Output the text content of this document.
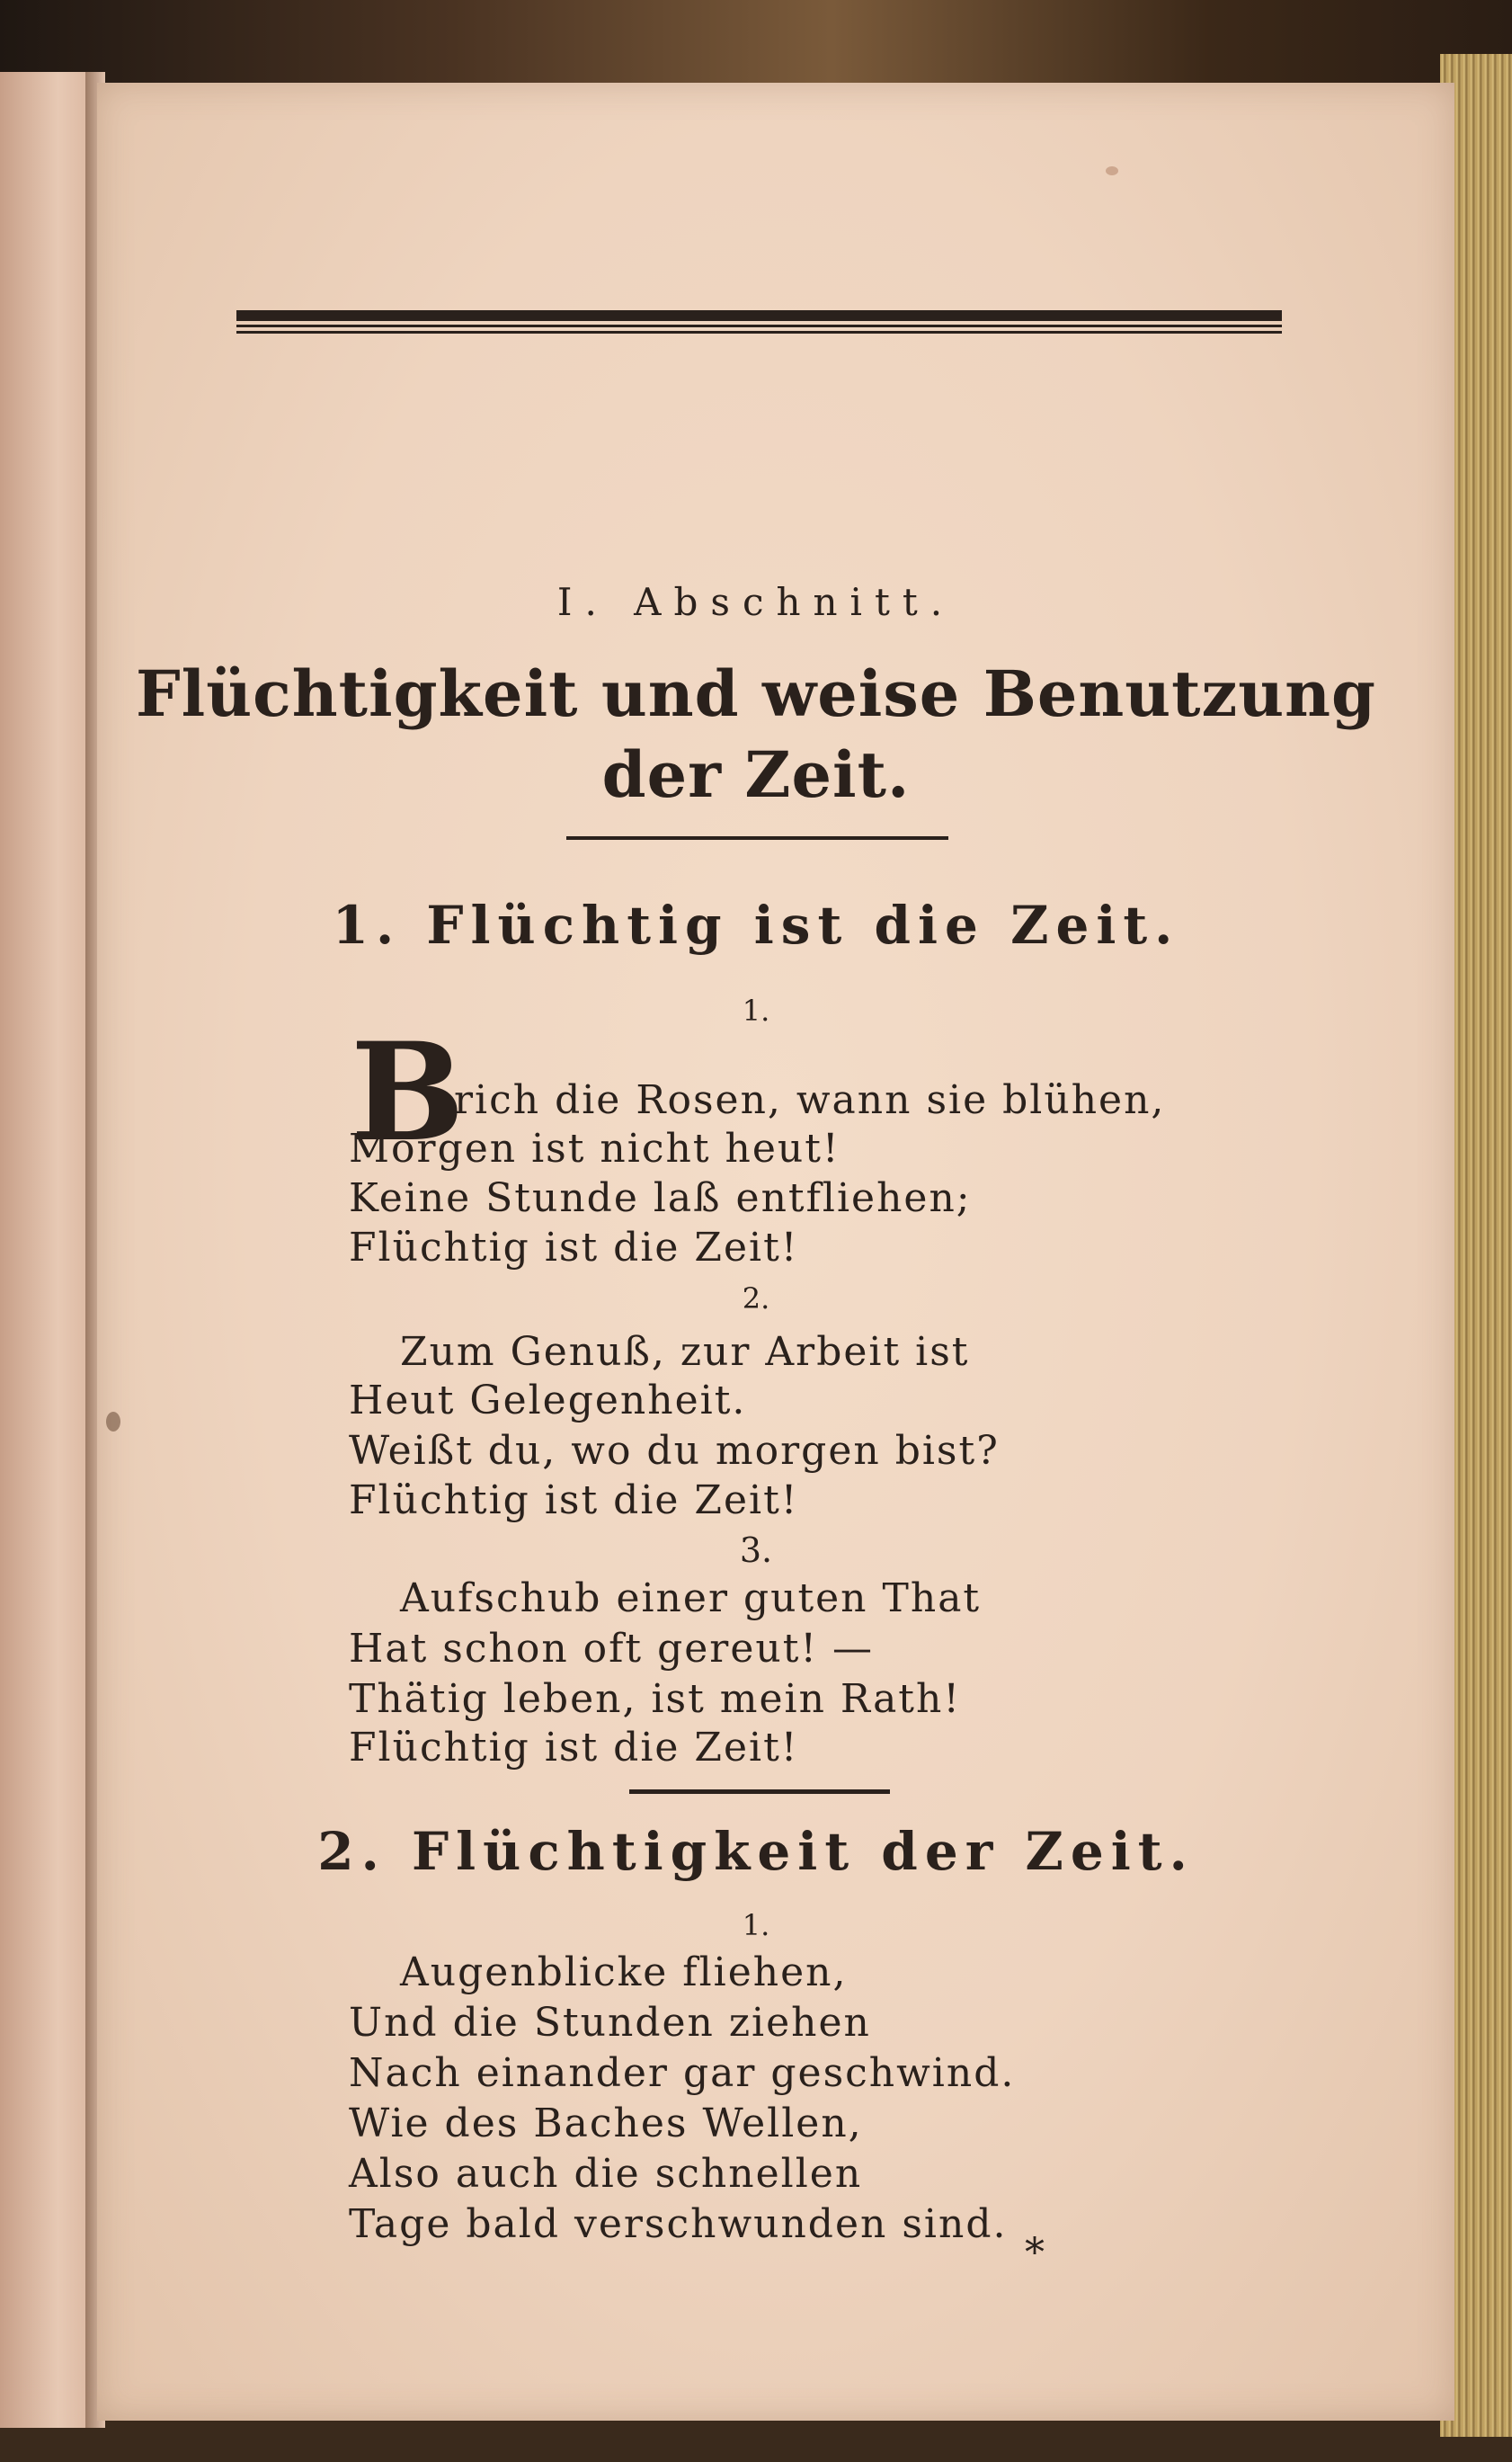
I. Abschnitt.
Flüchtigkeit und weise Benutzung
der Zeit.
1. Flüchtig ist die Zeit.
1.
B
rich die Rosen, wann sie blühen,
Morgen ist nicht heut!
Keine Stunde laß entfliehen;
Flüchtig ist die Zeit!
2.
Zum Genuß, zur Arbeit ist
Heut Gelegenheit.
Weißt du, wo du morgen bist?
Flüchtig ist die Zeit!
3.
Aufschub einer guten That
Hat schon oft gereut! —
Thätig leben, ist mein Rath!
Flüchtig ist die Zeit!
2. Flüchtigkeit der Zeit.
1.
Augenblicke fliehen,
Und die Stunden ziehen
Nach einander gar geschwind.
Wie des Baches Wellen,
Also auch die schnellen
Tage bald verschwunden sind.
*
